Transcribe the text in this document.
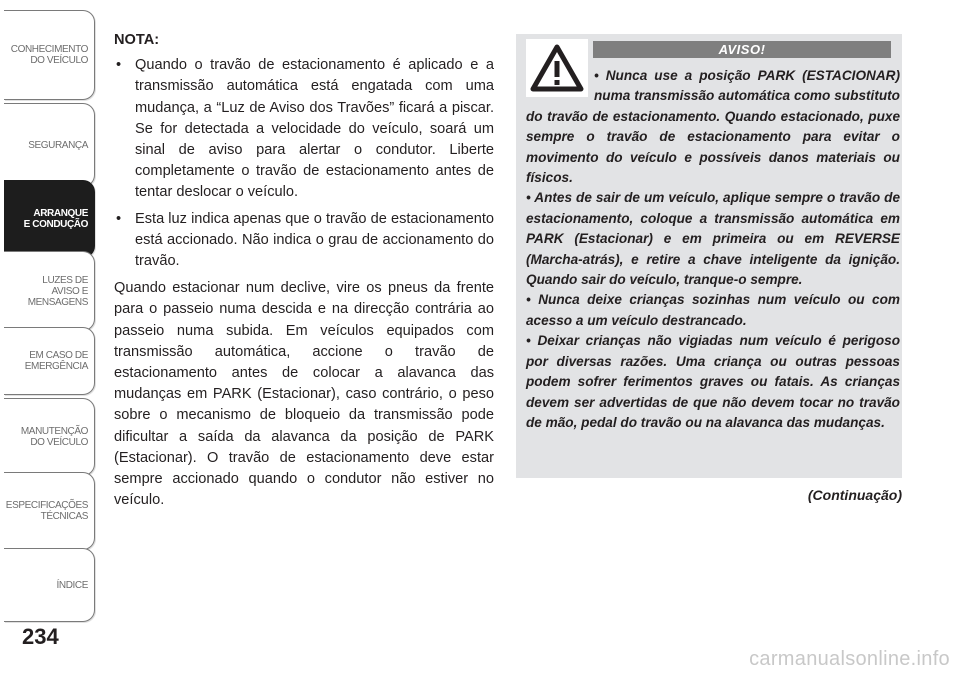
CONHECIMENTO
DO VEÍCULO
SEGURANÇA
ARRANQUE
E CONDUÇÃO
LUZES DE
AVISO E
MENSAGENS
EM CASO DE
EMERGÊNCIA
MANUTENÇÃO
DO VEÍCULO
ESPECIFICAÇÕES
TÉCNICAS
ÍNDICE
234

NOTA:

• Quando o travão de estacionamento é aplicado e a transmissão automática está engatada com uma mudança, a “Luz de Aviso dos Travões” ficará a piscar. Se for detectada a velocidade do veículo, soará um sinal de aviso para alertar o condutor. Liberte completamente o travão de estacionamento antes de tentar deslocar o veículo.
• Esta luz indica apenas que o travão de estacionamento está accionado. Não indica o grau de accionamento do travão.

Quando estacionar num declive, vire os pneus da frente para o passeio numa descida e na direcção contrária ao passeio numa subida. Em veículos equipados com transmissão automática, accione o travão de estacionamento antes de colocar a alavanca das mudanças em PARK (Estacionar), caso contrário, o peso sobre o mecanismo de bloqueio da transmissão pode dificultar a saída da alavanca da posição de PARK (Estacionar). O travão de estacionamento deve estar sempre accionado quando o condutor não estiver no veículo.

AVISO!

• Nunca use a posição PARK (ESTACIONAR) numa transmissão automática como substituto do travão de estacionamento. Quando estacionado, puxe sempre o travão de estacionamento para evitar o movimento do veículo e possíveis danos materiais ou físicos.

• Antes de sair de um veículo, aplique sempre o travão de estacionamento, coloque a transmissão automática em PARK (Estacionar) e em primeira ou em REVERSE (Marcha-atrás), e retire a chave inteligente da ignição. Quando sair do veículo, tranque-o sempre.

• Nunca deixe crianças sozinhas num veículo ou com acesso a um veículo destrancado.

• Deixar crianças não vigiadas num veículo é perigoso por diversas razões. Uma criança ou outras pessoas podem sofrer ferimentos graves ou fatais. As crianças devem ser advertidas de que não devem tocar no travão de mão, pedal do travão ou na alavanca das mudanças.

(Continuação)
carmanualsonline.info
